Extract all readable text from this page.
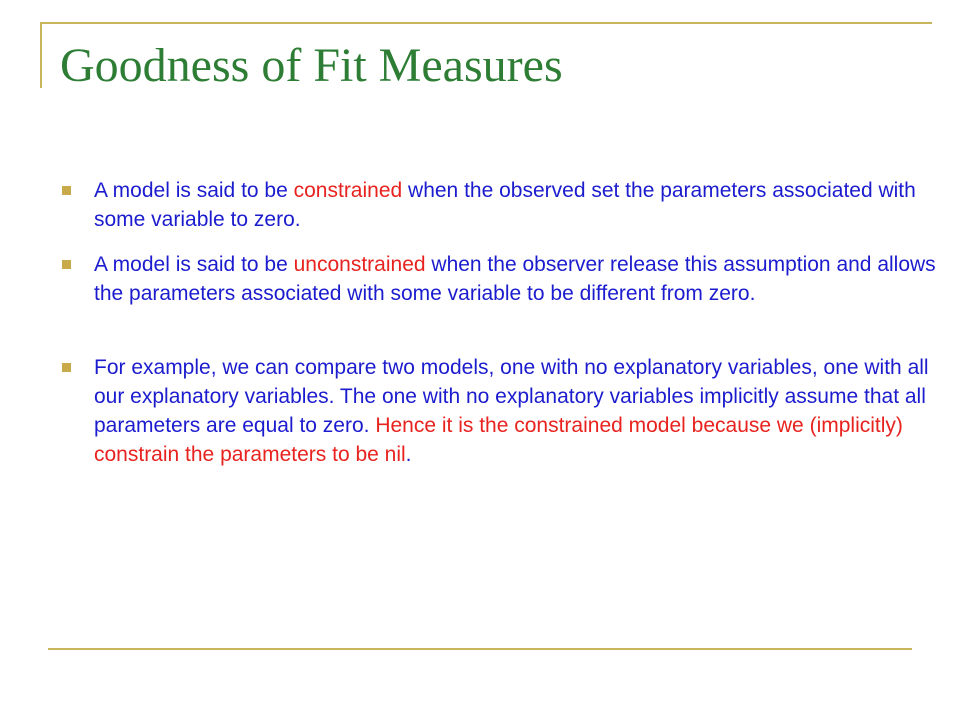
Goodness of Fit Measures
A model is said to be constrained when the observed set the parameters associated with some variable to zero.
A model is said to be unconstrained when the observer release this assumption and allows the parameters associated with some variable to be different from zero.
For example, we can compare two models, one with no explanatory variables, one with all our explanatory variables. The one with no explanatory variables implicitly assume that all parameters are equal to zero. Hence it is the constrained model because we (implicitly) constrain the parameters to be nil.
